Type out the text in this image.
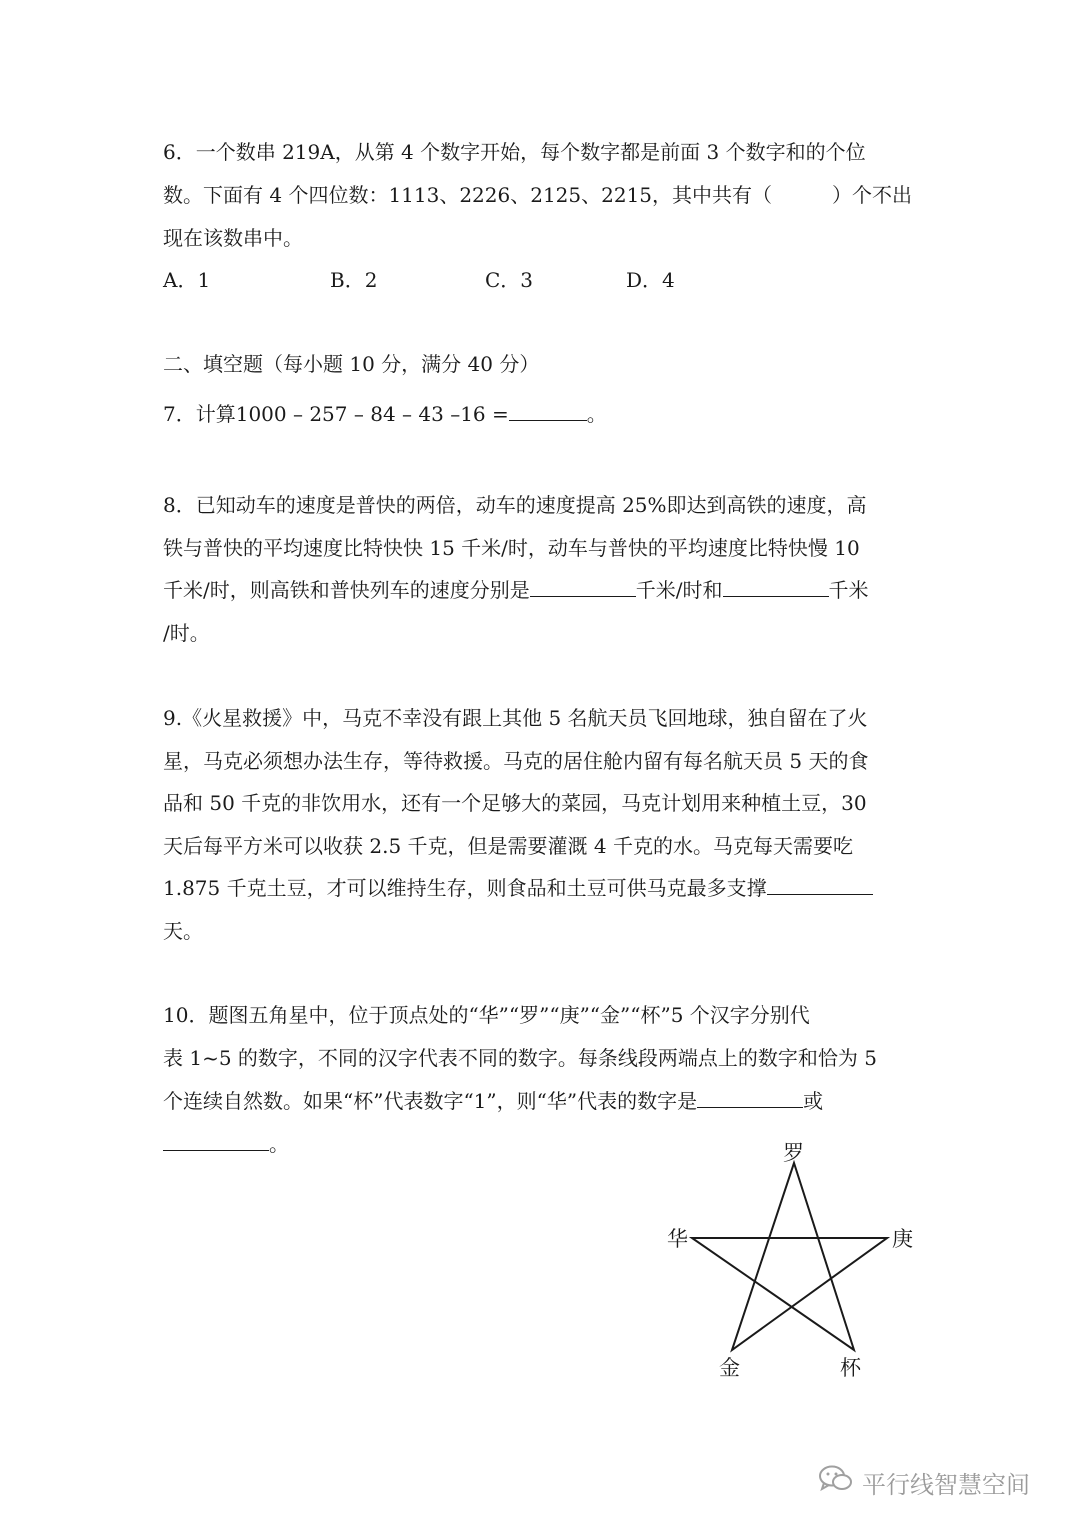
6．一个数串 219A，从第 4 个数字开始，每个数字都是前面 3 个数字和的个位
数。下面有 4 个四位数：1113、2226、2125、2215，其中共有（　　　）个不出
现在该数串中。
A．1	B．2	C．3	D．4
二、填空题（每小题 10 分，满分 40 分）
7．计算1000 – 257 – 84 – 43 –16 =	。
8．已知动车的速度是普快的两倍，动车的速度提高 25%即达到高铁的速度，高
铁与普快的平均速度比特快快 15 千米/时，动车与普快的平均速度比特快慢 10
千米/时，则高铁和普快列车的速度分别是	千米/时和	千米
/时。
9.《火星救援》中，马克不幸没有跟上其他 5 名航天员飞回地球，独自留在了火
星，马克必须想办法生存，等待救援。马克的居住舱内留有每名航天员 5 天的食
品和 50 千克的非饮用水，还有一个足够大的菜园，马克计划用来种植土豆，30
天后每平方米可以收获 2.5 千克，但是需要灌溉 4 千克的水。马克每天需要吃
1.875 千克土豆，才可以维持生存，则食品和土豆可供马克最多支撑
天。
10．题图五角星中，位于顶点处的“华”“罗”“庚”“金”“杯”5 个汉字分别代
表 1~5 的数字，不同的汉字代表不同的数字。每条线段两端点上的数字和恰为 5
个连续自然数。如果“杯”代表数字“1”，则“华”代表的数字是	或
。	罗
华	庚
金	杯
平行线智慧空间
